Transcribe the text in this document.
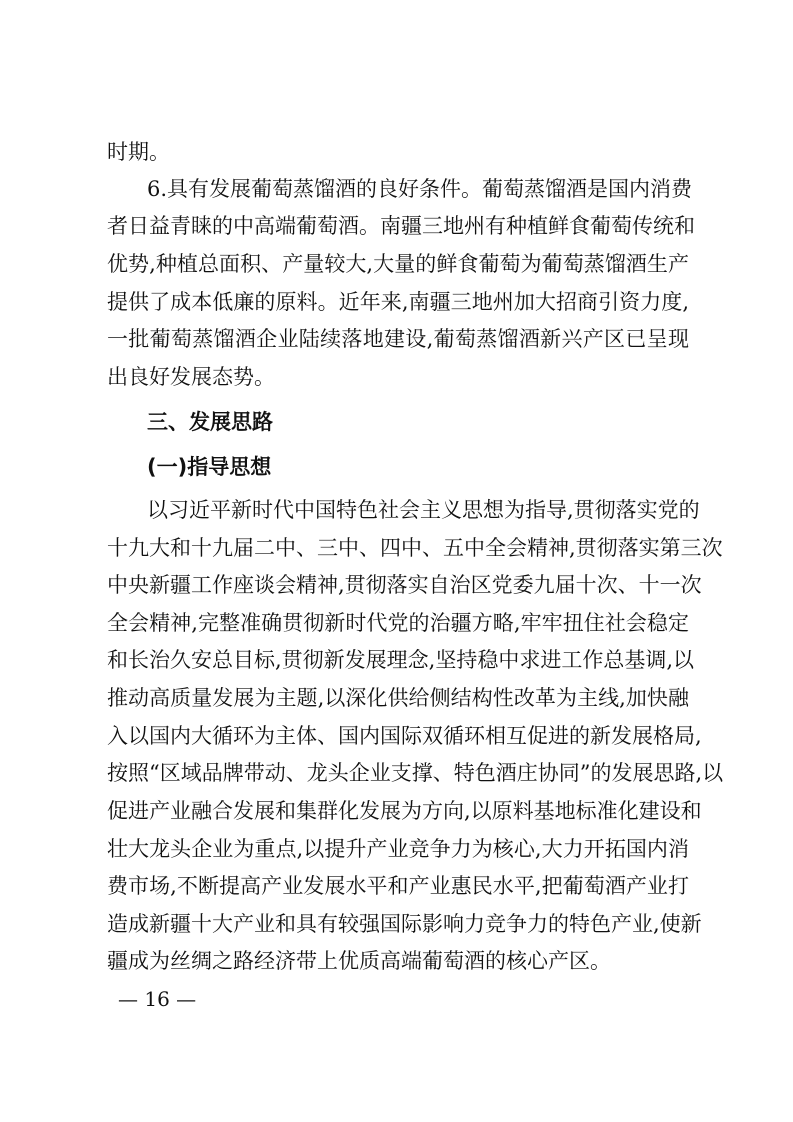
时期。

6.具有发展葡萄蒸馏酒的良好条件。葡萄蒸馏酒是国内消费

者日益青睐的中高端葡萄酒。南疆三地州有种植鲜食葡萄传统和

优势,种植总面积、产量较大,大量的鲜食葡萄为葡萄蒸馏酒生产

提供了成本低廉的原料。近年来,南疆三地州加大招商引资力度,

一批葡萄蒸馏酒企业陆续落地建设,葡萄蒸馏酒新兴产区已呈现

出良好发展态势。

三、发展思路

(一)指导思想

以习近平新时代中国特色社会主义思想为指导,贯彻落实党的

十九大和十九届二中、三中、四中、五中全会精神,贯彻落实第三次

中央新疆工作座谈会精神,贯彻落实自治区党委九届十次、十一次

全会精神,完整准确贯彻新时代党的治疆方略,牢牢扭住社会稳定

和长治久安总目标,贯彻新发展理念,坚持稳中求进工作总基调,以

推动高质量发展为主题,以深化供给侧结构性改革为主线,加快融

入以国内大循环为主体、国内国际双循环相互促进的新发展格局,

按照“区域品牌带动、龙头企业支撑、特色酒庄协同”的发展思路,以

促进产业融合发展和集群化发展为方向,以原料基地标准化建设和

壮大龙头企业为重点,以提升产业竞争力为核心,大力开拓国内消

费市场,不断提高产业发展水平和产业惠民水平,把葡萄酒产业打

造成新疆十大产业和具有较强国际影响力竞争力的特色产业,使新

疆成为丝绸之路经济带上优质高端葡萄酒的核心产区。

— 16 —
